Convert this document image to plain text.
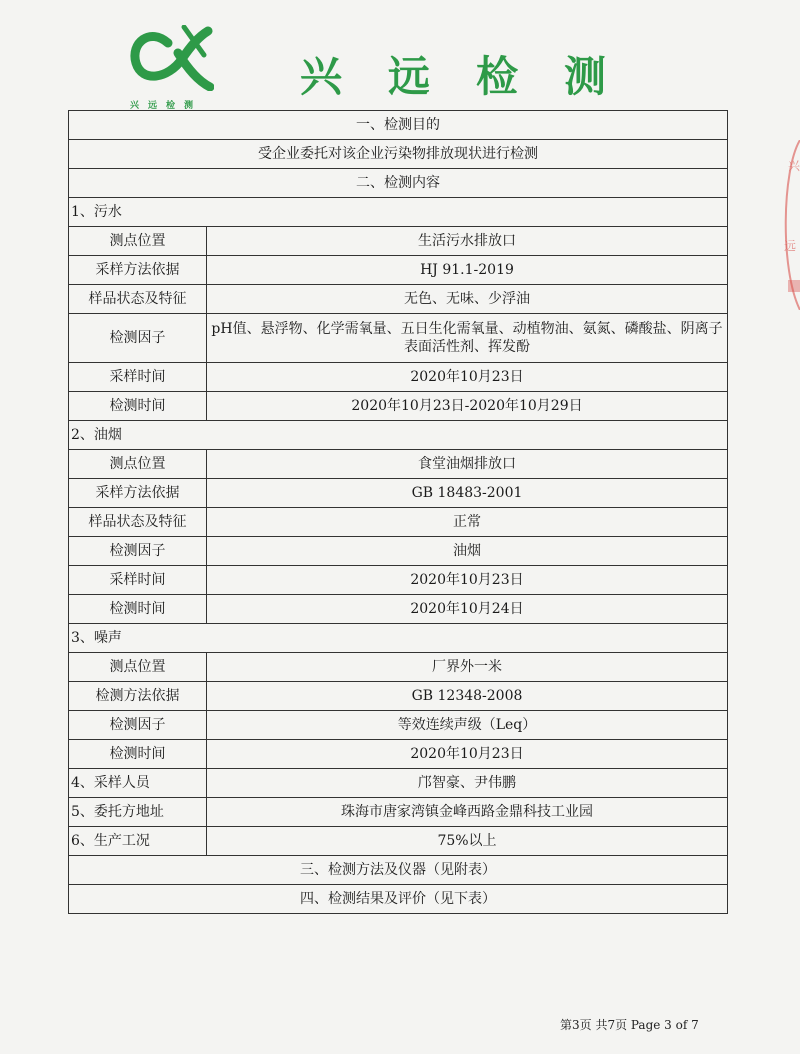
兴远检测
兴远检测
兴
远
一、检测目的	
受企业委托对该企业污染物排放现状进行检测	
二、检测内容	
1、污水	
测点位置	生活污水排放口
采样方法依据	HJ 91.1-2019
样品状态及特征	无色、无味、少浮油
检测因子	pH值、悬浮物、化学需氧量、五日生化需氧量、动植物油、氨氮、磷酸盐、阴离子表面活性剂、挥发酚
采样时间	2020年10月23日
检测时间	2020年10月23日-2020年10月29日
2、油烟	
测点位置	食堂油烟排放口
采样方法依据	GB 18483-2001
样品状态及特征	正常
检测因子	油烟
采样时间	2020年10月23日
检测时间	2020年10月24日
3、噪声	
测点位置	厂界外一米
检测方法依据	GB 12348-2008
检测因子	等效连续声级（Leq）
检测时间	2020年10月23日
4、采样人员	邝智豪、尹伟鹏
5、委托方地址	珠海市唐家湾镇金峰西路金鼎科技工业园
6、生产工况	75%以上
三、检测方法及仪器（见附表）	
四、检测结果及评价（见下表）	
第3页 共7页 Page 3 of 7
